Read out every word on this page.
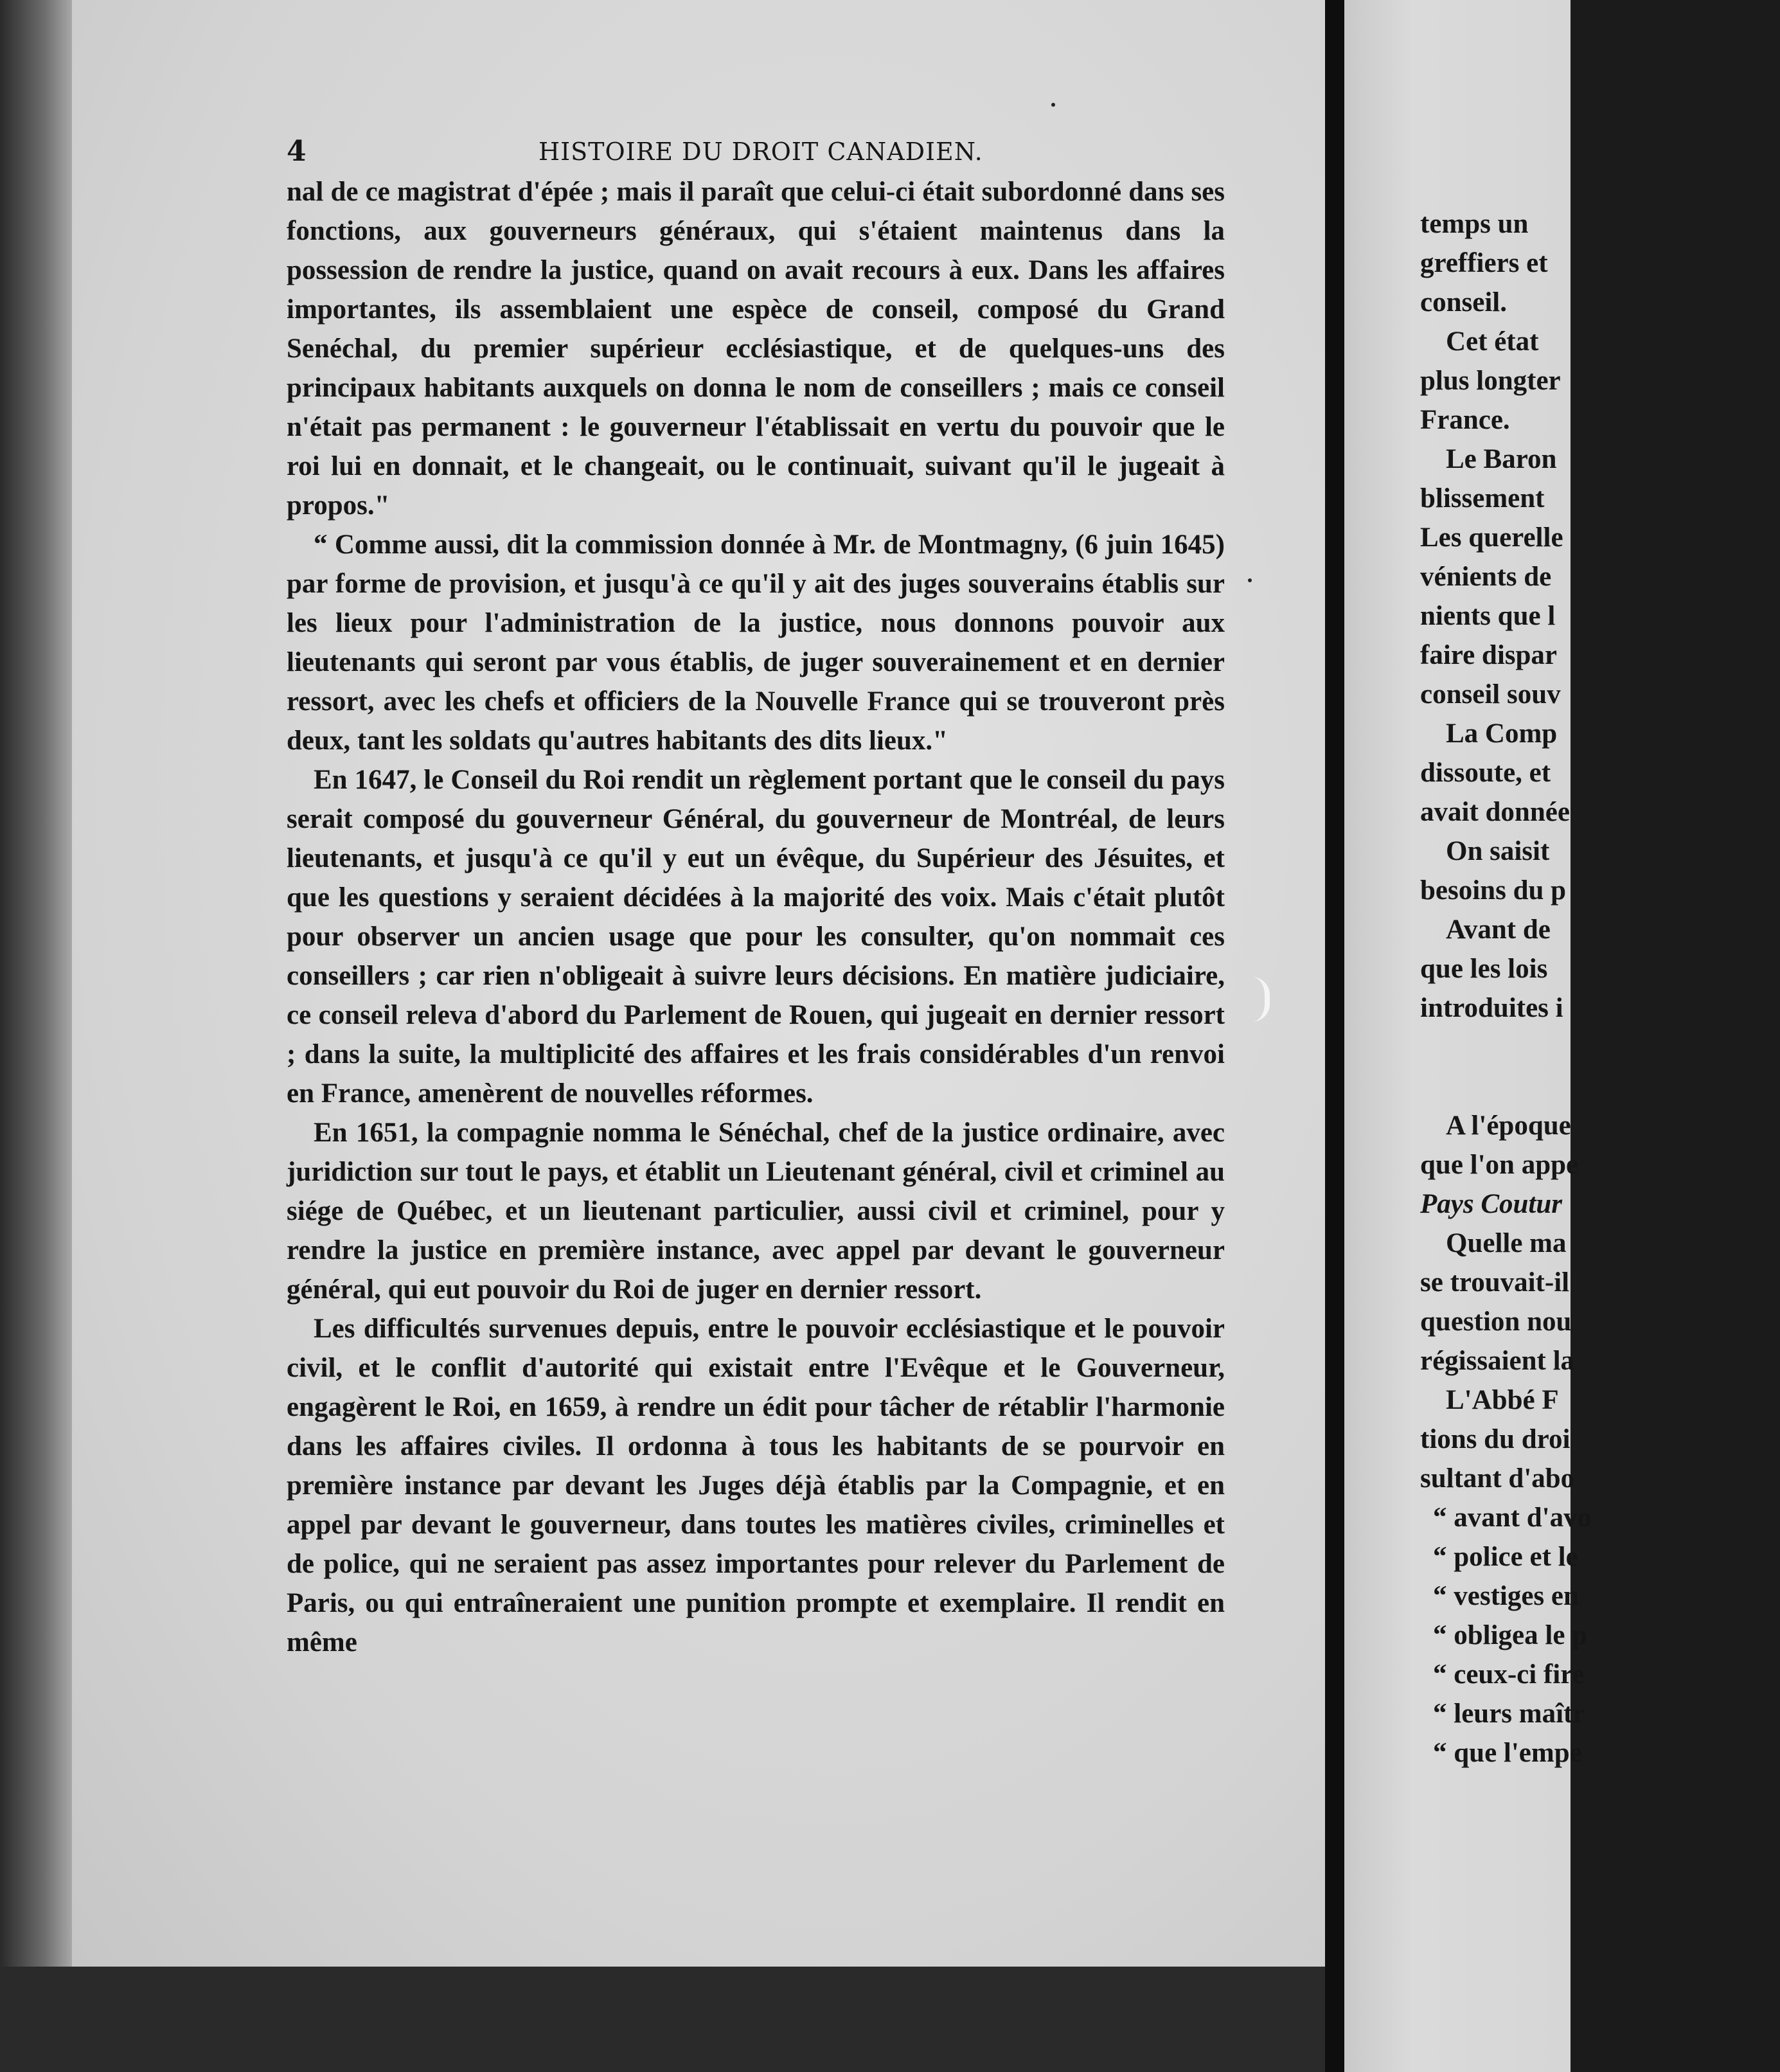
4	HISTOIRE DU DROIT CANADIEN.

nal de ce magistrat d'épée ; mais il paraît que celui-ci était subordonné dans ses fonctions, aux gouverneurs généraux, qui s'étaient maintenus dans la possession de rendre la justice, quand on avait recours à eux. Dans les affaires importantes, ils assemblaient une espèce de conseil, composé du Grand Senéchal, du premier supérieur ecclésiastique, et de quelques-uns des principaux habitants auxquels on donna le nom de conseillers ; mais ce conseil n'était pas permanent : le gouverneur l'établissait en vertu du pouvoir que le roi lui en donnait, et le changeait, ou le continuait, suivant qu'il le jugeait à propos."

“ Comme aussi, dit la commission donnée à Mr. de Montmagny, (6 juin 1645) par forme de provision, et jusqu'à ce qu'il y ait des juges souverains établis sur les lieux pour l'administration de la justice, nous donnons pouvoir aux lieutenants qui seront par vous établis, de juger souverainement et en dernier ressort, avec les chefs et officiers de la Nouvelle France qui se trouveront près deux, tant les soldats qu'autres habitants des dits lieux."

En 1647, le Conseil du Roi rendit un règlement portant que le conseil du pays serait composé du gouverneur Général, du gouverneur de Montréal, de leurs lieutenants, et jusqu'à ce qu'il y eut un évêque, du Supérieur des Jésuites, et que les questions y seraient décidées à la majorité des voix. Mais c'était plutôt pour observer un ancien usage que pour les consulter, qu'on nommait ces conseillers ; car rien n'obligeait à suivre leurs décisions. En matière judiciaire, ce conseil releva d'abord du Parlement de Rouen, qui jugeait en dernier ressort ; dans la suite, la multiplicité des affaires et les frais considérables d'un renvoi en France, amenèrent de nouvelles réformes.

En 1651, la compagnie nomma le Sénéchal, chef de la justice ordinaire, avec juridiction sur tout le pays, et établit un Lieutenant général, civil et criminel au siége de Québec, et un lieutenant particulier, aussi civil et criminel, pour y rendre la justice en première instance, avec appel par devant le gouverneur général, qui eut pouvoir du Roi de juger en dernier ressort.

Les difficultés survenues depuis, entre le pouvoir ecclésiastique et le pouvoir civil, et le conflit d'autorité qui existait entre l'Evêque et le Gouverneur, engagèrent le Roi, en 1659, à rendre un édit pour tâcher de rétablir l'harmonie dans les affaires civiles. Il ordonna à tous les habitants de se pourvoir en première instance par devant les Juges déjà établis par la Compagnie, et en appel par devant le gouverneur, dans toutes les matières civiles, criminelles et de police, qui ne seraient pas assez importantes pour relever du Parlement de Paris, ou qui entraîneraient une punition prompte et exemplaire. Il rendit en même

temps un
greffiers et
conseil.
Cet état
plus longter
France.
Le Baron
blissement
Les querelle
vénients de
nients que l
faire dispar
conseil souv
La Comp
dissoute, et
avait donnée
On saisit
besoins du p
Avant de
que les lois
introduites i
A l'époque
que l'on appe
Pays Coutur
Quelle ma
se trouvait-il
question nou
régissaient la
L'Abbé F
tions du droi
sultant d'abo
“ avant d'avo
“ police et le
“ vestiges en
“ obligea le p
“ ceux-ci fire
“ leurs maîtr
“ que l'empe
